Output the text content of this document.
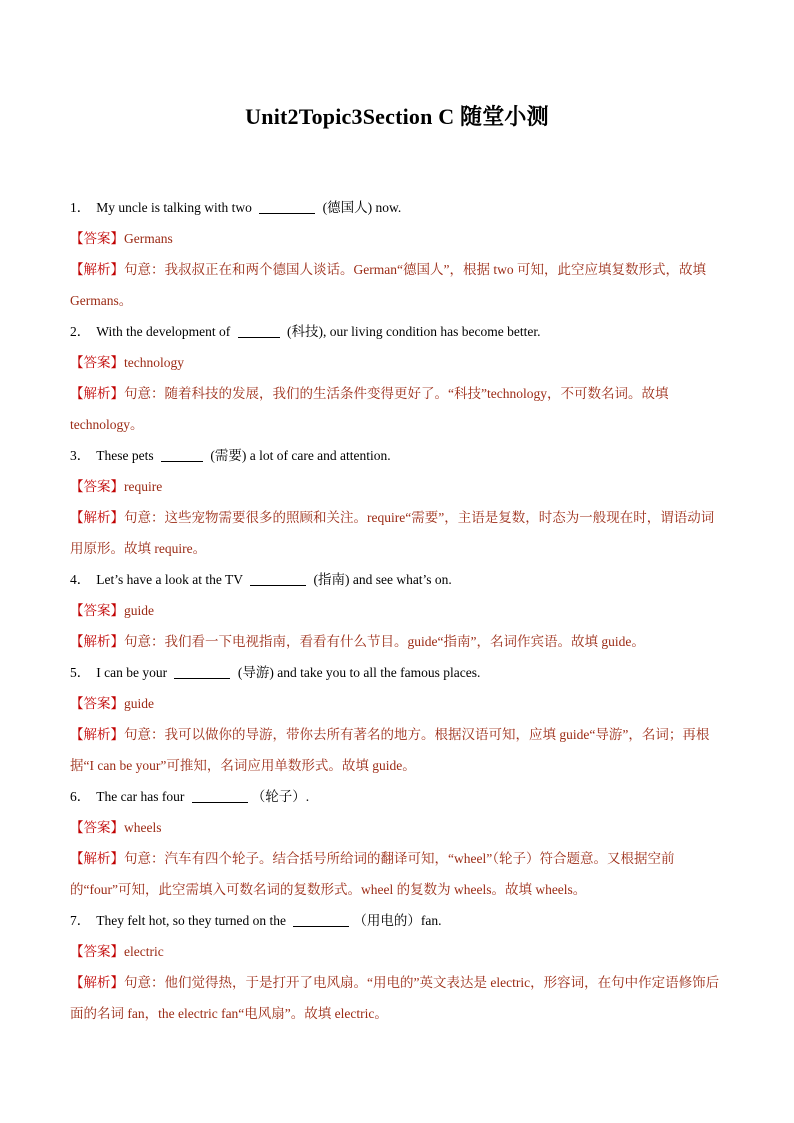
Unit2Topic3Section C 随堂小测
1． My uncle is talking with two	(德国人) now.
【答案】Germans
【解析】句意：我叔叔正在和两个德国人谈话。German“德国人”，根据 two 可知，此空应填复数形式，故填 Germans。
2． With the development of	(科技), our living condition has become better.
【答案】technology
【解析】句意：随着科技的发展，我们的生活条件变得更好了。“科技”technology，不可数名词。故填 technology。
3． These pets	(需要) a lot of care and attention.
【答案】require
【解析】句意：这些宠物需要很多的照顾和关注。require“需要”，主语是复数，时态为一般现在时，谓语动词用原形。故填 require。
4． Let’s have a look at the TV	(指南) and see what’s on.
【答案】guide
【解析】句意：我们看一下电视指南，看看有什么节目。guide“指南”，名词作宾语。故填 guide。
5． I can be your	(导游) and take you to all the famous places.
【答案】guide
【解析】句意：我可以做你的导游，带你去所有著名的地方。根据汉语可知，应填 guide“导游”，名词；再根据“I can be your”可推知，名词应用单数形式。故填 guide。
6． The car has four	（轮子）.
【答案】wheels
【解析】句意：汽车有四个轮子。结合括号所给词的翻译可知，“wheel”（轮子）符合题意。又根据空前的“four”可知，此空需填入可数名词的复数形式。wheel 的复数为 wheels。故填 wheels。
7． They felt hot, so they turned on the	（用电的）fan.
【答案】electric
【解析】句意：他们觉得热，于是打开了电风扇。“用电的”英文表达是 electric，形容词，在句中作定语修饰后面的名词 fan，the electric fan“电风扇”。故填 electric。
